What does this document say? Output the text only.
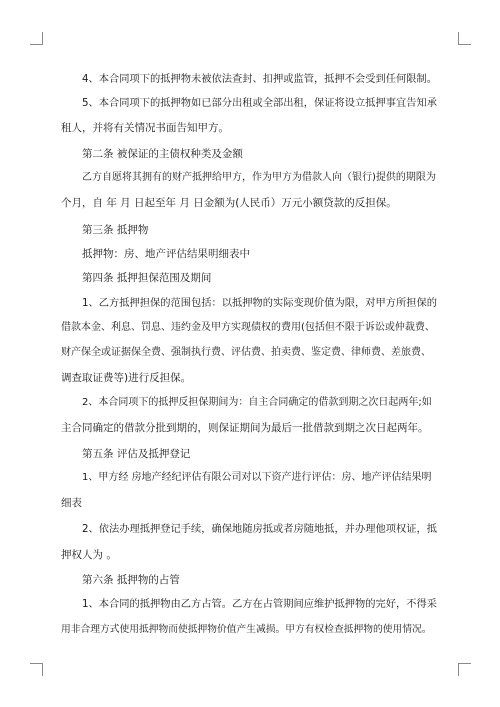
4、本合同项下的抵押物未被依法查封、扣押或监管，抵押不会受到任何限制。
5、本合同项下的抵押物如已部分出租或全部出租，保证将设立抵押事宜告知承
租人，并将有关情况书面告知甲方。
第二条 被保证的主债权种类及金额
乙方自愿将其拥有的财产抵押给甲方，作为甲方为借款人向（银行)提供的期限为
个月，自 年 月 日起至年 月 日金额为(人民币）万元小额贷款的反担保。
第三条 抵押物
抵押物：房、地产评估结果明细表中
第四条 抵押担保范围及期间
1、乙方抵押担保的范围包括：以抵押物的实际变现价值为限，对甲方所担保的
借款本金、利息、罚息、违约金及甲方实现债权的费用(包括但不限于诉讼或仲裁费、
财产保全或证据保全费、强制执行费、评估费、拍卖费、鉴定费、律师费、差旅费、
调查取证费等)进行反担保。
2、本合同项下的抵押反担保期间为：自主合同确定的借款到期之次日起两年;如
主合同确定的借款分批到期的，则保证期间为最后一批借款到期之次日起两年。
第五条 评估及抵押登记
1、甲方经 房地产经纪评估有限公司对以下资产进行评估：房、地产评估结果明
细表
2、依法办理抵押登记手续，确保地随房抵或者房随地抵，并办理他项权证，抵
押权人为 。
第六条 抵押物的占管
1、本合同的抵押物由乙方占管。乙方在占管期间应维护抵押物的完好，不得采
用非合理方式使用抵押物而使抵押物价值产生减损。甲方有权检查抵押物的使用情况。
